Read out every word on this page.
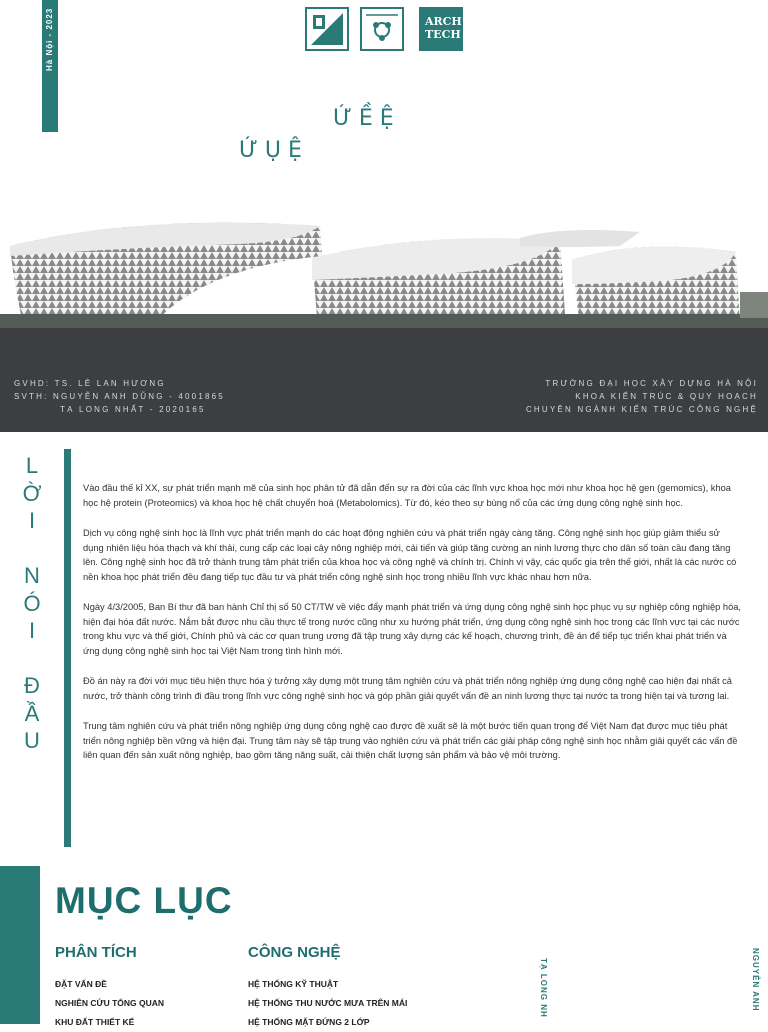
Hà Nội - 2023	ARCH TECH
Ứ Ề Ệ
Ứ Ụ Ệ
GVHD: TS. LÊ LAN HƯƠNG
SVTH: NGUYỄN ANH DŨNG - 4001865
TẠ LONG NHẤT - 2020165
TRƯỜNG ĐẠI HỌC XÂY DỰNG HÀ NỘI
KHOA KIẾN TRÚC & QUY HOẠCH
CHUYÊN NGÀNH KIẾN TRÚC CÔNG NGHỆ
L
Ờ
I

N
Ó
I

Đ
Ầ
U

Vào đầu thế kỉ XX, sự phát triển mạnh mẽ của sinh học phân tử đã dẫn đến sự ra đời của các lĩnh vực khoa học mới như khoa học hệ gen (gemomics), khoa học hệ protein (Proteomics) và khoa học hệ chất chuyển hoá (Metabolomics). Từ đó, kéo theo sự bùng nổ của các ứng dụng công nghệ sinh học.

Dịch vụ công nghệ sinh học là lĩnh vực phát triển mạnh do các hoạt động nghiên cứu và phát triển ngày càng tăng. Công nghệ sinh học giúp giảm thiểu sử dụng nhiên liệu hóa thạch và khí thải, cung cấp các loại cây nông nghiệp mới, cải tiến và giúp tăng cường an ninh lương thực cho dân số toàn cầu đang tăng lên. Công nghệ sinh học đã trở thành trung tâm phát triển của khoa học và công nghệ và chính trị. Chính vị vậy, các quốc gia trên thế giới, nhất là các nước có nền khoa học phát triển đều đang tiếp tục đầu tư và phát triển công nghệ sinh học trong nhiều lĩnh vực khác nhau hơn nữa.

Ngày 4/3/2005, Ban Bí thư đã ban hành Chỉ thị số 50 CT/TW về việc đẩy mạnh phát triển và ứng dụng công nghệ sinh học phục vụ sự nghiệp công nghiệp hóa, hiện đại hóa đất nước. Nắm bắt được nhu cầu thực tế trong nước cũng như xu hướng phát triển, ứng dụng công nghệ sinh học trong các lĩnh vực tại các nước trong khu vực và thế giới, Chính phủ và các cơ quan trung ương đã tập trung xây dựng các kế hoạch, chương trình, đề án để tiếp tục triển khai phát triển và ứng dụng công nghệ sinh học tại Việt Nam trong tình hình mới.

Đồ án này ra đời với mục tiêu hiện thực hóa ý tưởng xây dựng một trung tâm nghiên cứu và phát triển nông nghiệp ứng dụng công nghệ cao hiện đại nhất cả nước, trở thành công trình đi đầu trong lĩnh vực công nghệ sinh học và góp phần giải quyết vấn đề an ninh lương thực tại nước ta trong hiện tại và tương lai.

Trung tâm nghiên cứu và phát triển nông nghiệp ứng dụng công nghệ cao được đề xuất sẽ là một bước tiến quan trọng để Việt Nam đạt được mục tiêu phát triển nông nghiệp bền vững và hiện đại. Trung tâm này sẽ tập trung vào nghiên cứu và phát triển các giải pháp công nghệ sinh học nhằm giải quyết các vấn đề liên quan đến sản xuất nông nghiệp, bao gồm tăng năng suất, cải thiện chất lượng sản phẩm và bảo vệ môi trường.

MỤC LỤC
PHÂN TÍCH
ĐẶT VẤN ĐỀ
NGHIÊN CỨU TỔNG QUAN
KHU ĐẤT THIẾT KẾ
CÔNG NGHỆ
HỆ THỐNG KỸ THUẬT
HỆ THỐNG THU NƯỚC MƯA TRÊN MÁI
HỆ THỐNG MẶT ĐỨNG 2 LỚP
TẠ LONG NH	NGUYỄN ANH
